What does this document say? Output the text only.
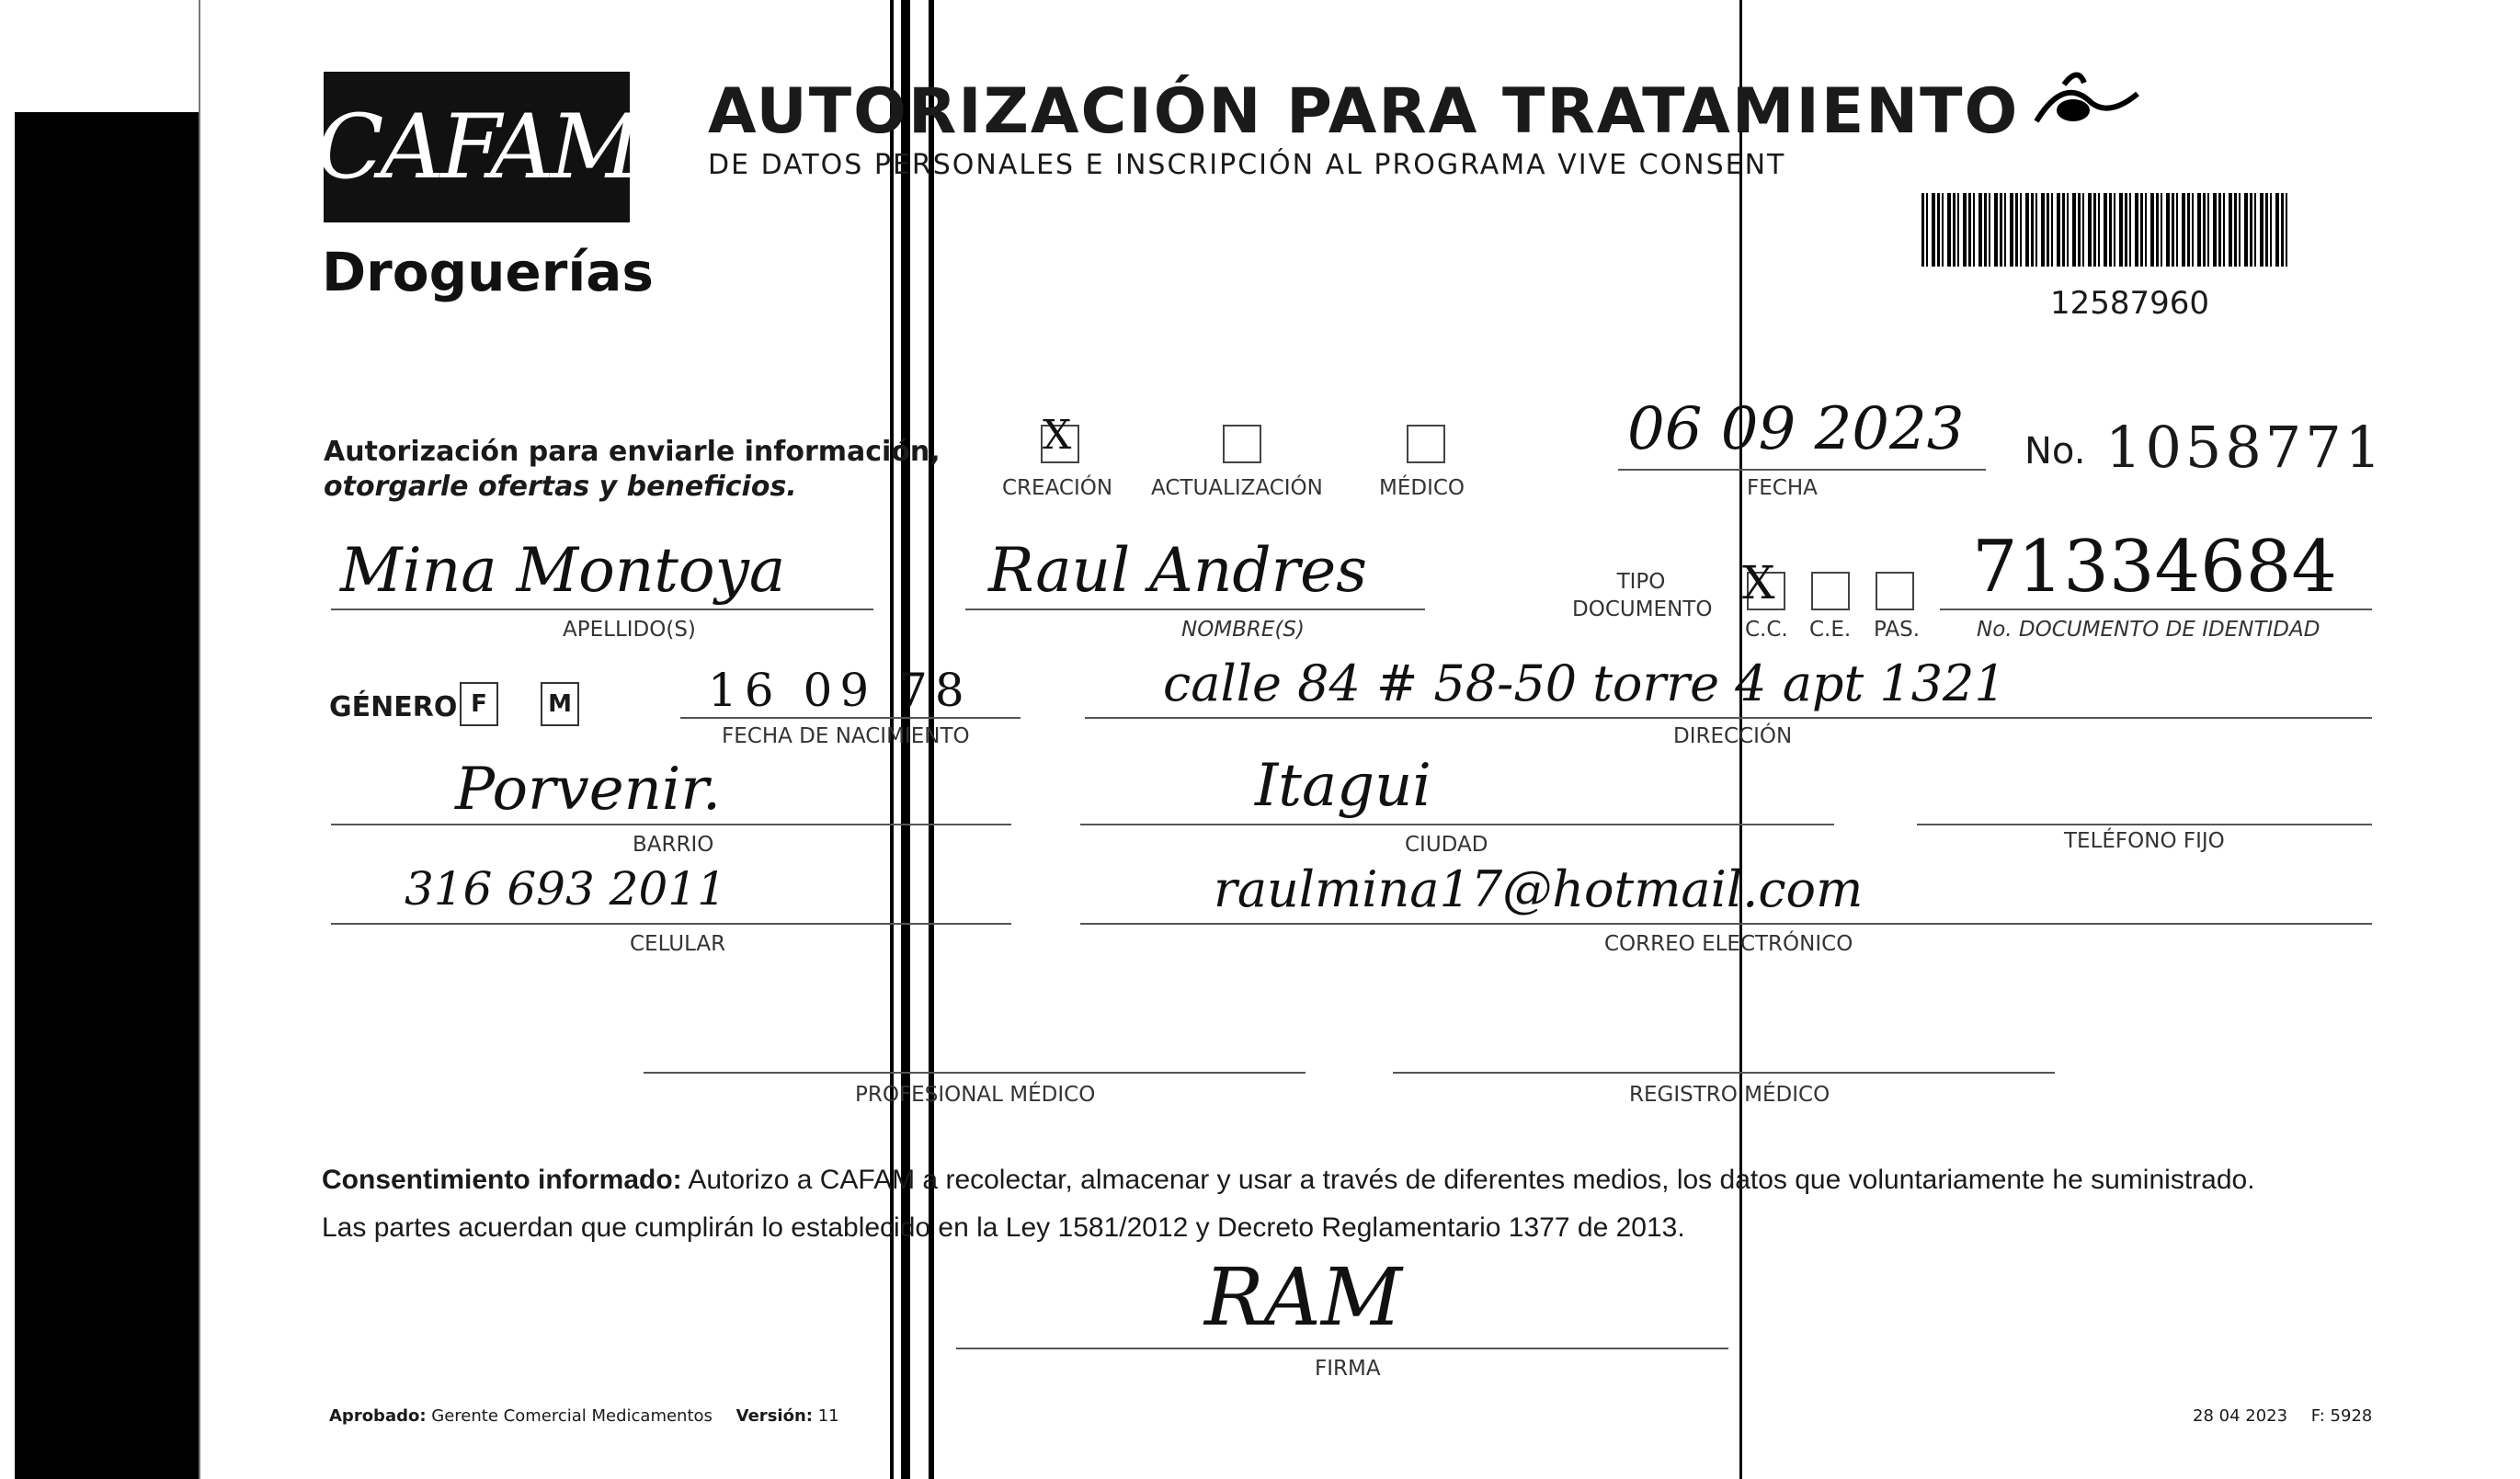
CAFAM
Droguerías
AUTORIZACIÓN PARA TRATAMIENTO
DE DATOS PERSONALES E INSCRIPCIÓN AL PROGRAMA VIVE CONSENT
12587960
Autorización para enviarle información,
otorgarle ofertas y beneficios.
X
CREACIÓN ACTUALIZACIÓN	MÉDICO
06 09 2023
FECHA
No. 1058771
Mina Montoya
APELLIDO(S)
Raul Andres
NOMBRE(S)
TIPO DOCUMENTO X
C.C. C.E. PAS.
71334684
No. DOCUMENTO DE IDENTIDAD
GÉNERO F	M	16 09 78
FECHA DE NACIMIENTO
calle 84 # 58-50 torre 4 apt 1321
DIRECCIÓN
Porvenir.
BARRIO
Itagui
CIUDAD	TELÉFONO FIJO
316 693 2011
CELULAR
raulmina17@hotmail.com
CORREO ELECTRÓNICO
PROFESIONAL MÉDICO	REGISTRO MÉDICO
Consentimiento informado: Autorizo a CAFAM a recolectar, almacenar y usar a través de diferentes medios, los datos que voluntariamente he suministrado.
Las partes acuerdan que cumplirán lo establecido en la Ley 1581/2012 y Decreto Reglamentario 1377 de 2013.
RAM
FIRMA
Aprobado: Gerente Comercial Medicamentos Versión: 11	28 04 2023 F: 5928
